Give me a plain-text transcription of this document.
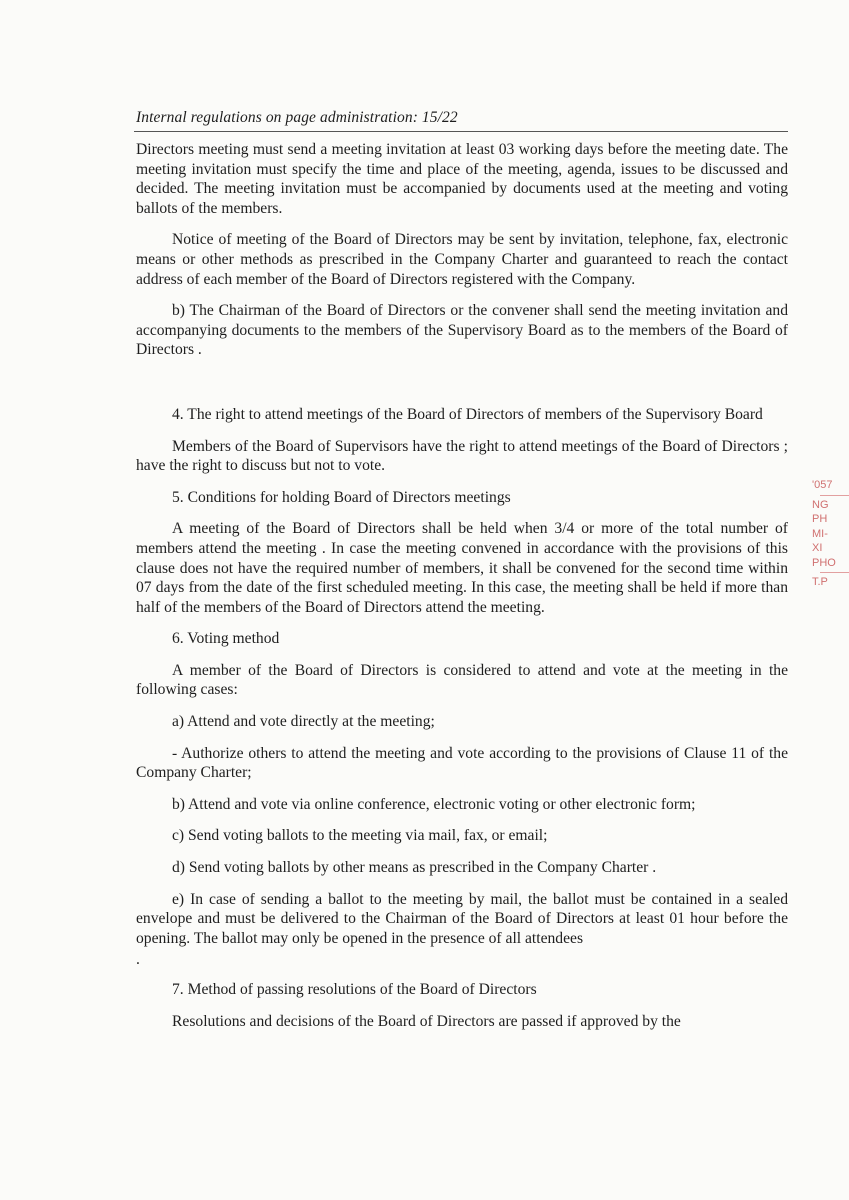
Internal regulations on page administration: 15/22

Directors meeting must send a meeting invitation at least 03 working days before the meeting date. The meeting invitation must specify the time and place of the meeting, agenda, issues to be discussed and decided. The meeting invitation must be accompanied by documents used at the meeting and voting ballots of the members.

Notice of meeting of the Board of Directors may be sent by invitation, telephone, fax, electronic means or other methods as prescribed in the Company Charter and guaranteed to reach the contact address of each member of the Board of Directors registered with the Company.

b) The Chairman of the Board of Directors or the convener shall send the meeting invitation and accompanying documents to the members of the Supervisory Board as to the members of the Board of Directors .

4. The right to attend meetings of the Board of Directors of members of the Supervisory Board

Members of the Board of Supervisors have the right to attend meetings of the Board of Directors ; have the right to discuss but not to vote.

5. Conditions for holding Board of Directors meetings

A meeting of the Board of Directors shall be held when 3/4 or more of the total number of members attend the meeting . In case the meeting convened in accordance with the provisions of this clause does not have the required number of members, it shall be convened for the second time within 07 days from the date of the first scheduled meeting. In this case, the meeting shall be held if more than half of the members of the Board of Directors attend the meeting.

6. Voting method

A member of the Board of Directors is considered to attend and vote at the meeting in the following cases:

a) Attend and vote directly at the meeting;

- Authorize others to attend the meeting and vote according to the provisions of Clause 11 of the Company Charter;

b) Attend and vote via online conference, electronic voting or other electronic form;

c) Send voting ballots to the meeting via mail, fax, or email;

d) Send voting ballots by other means as prescribed in the Company Charter .

e) In case of sending a ballot to the meeting by mail, the ballot must be contained in a sealed envelope and must be delivered to the Chairman of the Board of Directors at least 01 hour before the opening. The ballot may only be opened in the presence of all attendees

.

7. Method of passing resolutions of the Board of Directors

Resolutions and decisions of the Board of Directors are passed if approved by the

'057
NG
PH
MI-
XI
PHO
T.P
